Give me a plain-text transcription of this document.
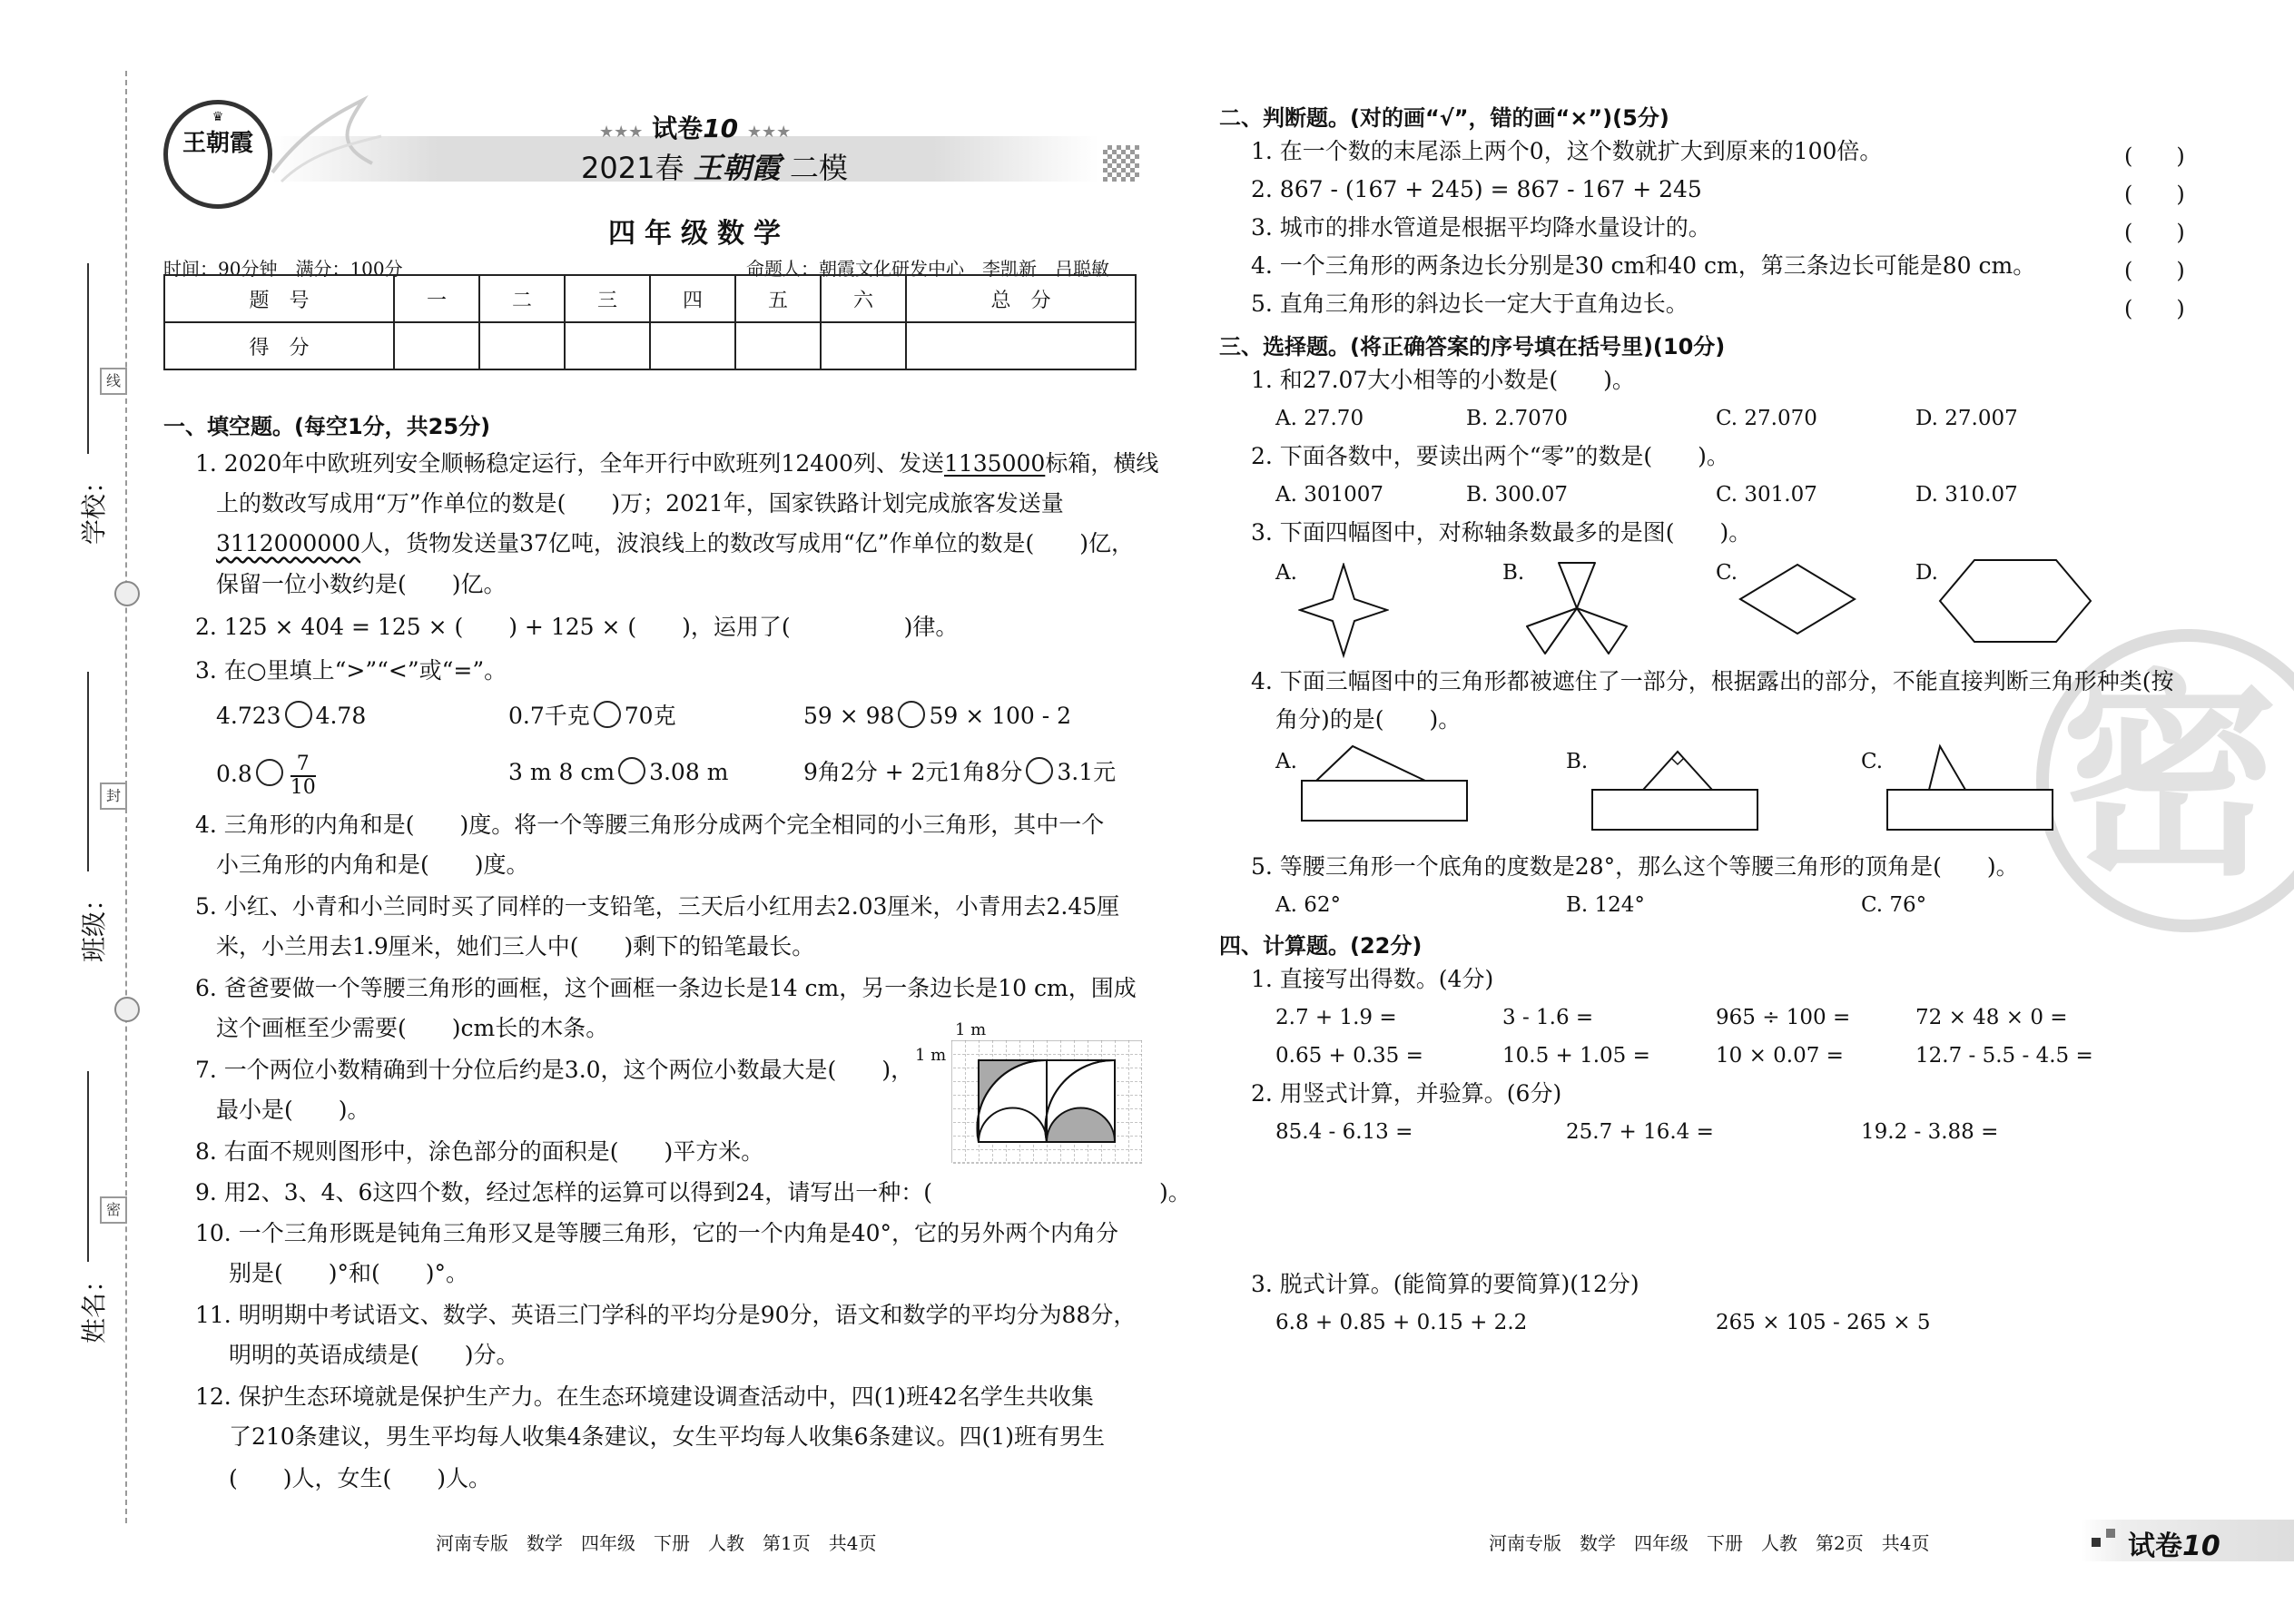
学校：
班级：
姓名：
线
封
密
♛
王朝霞	★★★ 试卷10 ★★★
2021春 王朝霞 二模
四年级数学
时间：90分钟　满分：100分	命题人：朝霞文化研发中心　李凯新　吕聪敏
题　号	一	二	三	四	五	六	总　分
得　分							
一、填空题。(每空1分，共25分)
1. 2020年中欧班列安全顺畅稳定运行，全年开行中欧班列12400列、发送1135000标箱，横线
上的数改写成用“万”作单位的数是(　　)万；2021年，国家铁路计划完成旅客发送量
3112000000人，货物发送量37亿吨，波浪线上的数改写成用“亿”作单位的数是(　　)亿，
保留一位小数约是(　　)亿。
2. 125 × 404 = 125 × (　　) + 125 × (　　)，运用了(　　　　　)律。
3. 在○里填上“>”“<”或“=”。
4.723 4.78	0.7千克 70克	59 × 98 59 × 100 - 2
$0.8 \frac{7}{10}$	3 m 8 cm 3.08 m	9角2分 + 2元1角8分 3.1元
4. 三角形的内角和是(　　)度。将一个等腰三角形分成两个完全相同的小三角形，其中一个
小三角形的内角和是(　　)度。
5. 小红、小青和小兰同时买了同样的一支铅笔，三天后小红用去2.03厘米，小青用去2.45厘
米，小兰用去1.9厘米，她们三人中(　　)剩下的铅笔最长。
6. 爸爸要做一个等腰三角形的画框，这个画框一条边长是14 cm，另一条边长是10 cm，围成
这个画框至少需要(　　)cm长的木条。
7. 一个两位小数精确到十分位后约是3.0，这个两位小数最大是(　　)，
最小是(　　)。
8. 右面不规则图形中，涂色部分的面积是(　　)平方米。
1 m
1 m
9. 用2、3、4、6这四个数，经过怎样的运算可以得到24，请写出一种：(　　　　　　　　　　)。
10. 一个三角形既是钝角三角形又是等腰三角形，它的一个内角是40°，它的另外两个内角分
别是(　　)°和(　　)°。
11. 明明期中考试语文、数学、英语三门学科的平均分是90分，语文和数学的平均分为88分，
明明的英语成绩是(　　)分。
12. 保护生态环境就是保护生产力。在生态环境建设调查活动中，四(1)班42名学生共收集
了210条建议，男生平均每人收集4条建议，女生平均每人收集6条建议。四(1)班有男生
(　　)人，女生(　　)人。
密
二、判断题。(对的画“√”，错的画“×”)(5分)
1. 在一个数的末尾添上两个0，这个数就扩大到原来的100倍。	(　　)
2. 867 - (167 + 245) = 867 - 167 + 245	(　　)
3. 城市的排水管道是根据平均降水量设计的。	(　　)
4. 一个三角形的两条边长分别是30 cm和40 cm，第三条边长可能是80 cm。	(　　)
5. 直角三角形的斜边长一定大于直角边长。	(　　)
三、选择题。(将正确答案的序号填在括号里)(10分)
1. 和27.07大小相等的小数是(　　)。
A. 27.70	B. 2.7070	C. 27.070	D. 27.007
2. 下面各数中，要读出两个“零”的数是(　　)。
A. 301007	B. 300.07	C. 301.07	D. 310.07
3. 下面四幅图中，对称轴条数最多的是图(　　)。
A.	B.	C.	D.
4. 下面三幅图中的三角形都被遮住了一部分，根据露出的部分，不能直接判断三角形种类(按
角分)的是(　　)。
A.	B.	C.
5. 等腰三角形一个底角的度数是28°，那么这个等腰三角形的顶角是(　　)。
A. 62°	B. 124°	C. 76°
四、计算题。(22分)
1. 直接写出得数。(4分)
2.7 + 1.9 =	3 - 1.6 =	965 ÷ 100 =	72 × 48 × 0 =
0.65 + 0.35 =	10.5 + 1.05 =	10 × 0.07 =	12.7 - 5.5 - 4.5 =
2. 用竖式计算，并验算。(6分)
85.4 - 6.13 =	25.7 + 16.4 =	19.2 - 3.88 =
3. 脱式计算。(能简算的要简算)(12分)
6.8 + 0.85 + 0.15 + 2.2	265 × 105 - 265 × 5
河南专版　数学　四年级　下册　人教　第1页　共4页	河南专版　数学　四年级　下册　人教　第2页　共4页	试卷10
